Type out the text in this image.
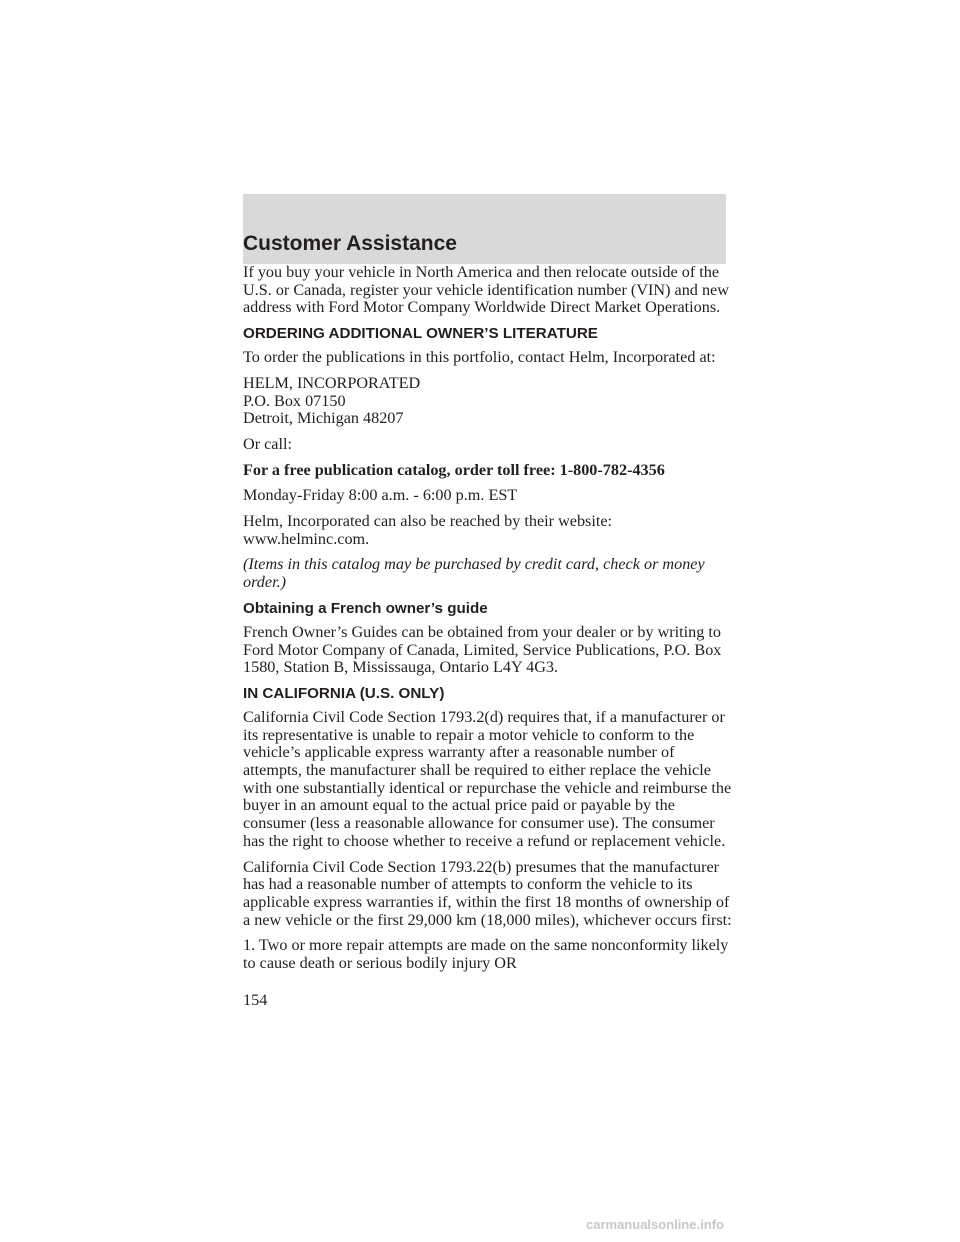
Customer Assistance

If you buy your vehicle in North America and then relocate outside of the U.S. or Canada, register your vehicle identification number (VIN) and new address with Ford Motor Company Worldwide Direct Market Operations.

ORDERING ADDITIONAL OWNER’S LITERATURE

To order the publications in this portfolio, contact Helm, Incorporated at:

HELM, INCORPORATED
P.O. Box 07150
Detroit, Michigan 48207

Or call:

For a free publication catalog, order toll free: 1-800-782-4356

Monday-Friday 8:00 a.m. - 6:00 p.m. EST

Helm, Incorporated can also be reached by their website:
www.helminc.com.

(Items in this catalog may be purchased by credit card, check or money order.)

Obtaining a French owner’s guide

French Owner’s Guides can be obtained from your dealer or by writing to Ford Motor Company of Canada, Limited, Service Publications, P.O. Box 1580, Station B, Mississauga, Ontario L4Y 4G3.

IN CALIFORNIA (U.S. ONLY)

California Civil Code Section 1793.2(d) requires that, if a manufacturer or its representative is unable to repair a motor vehicle to conform to the vehicle’s applicable express warranty after a reasonable number of attempts, the manufacturer shall be required to either replace the vehicle with one substantially identical or repurchase the vehicle and reimburse the buyer in an amount equal to the actual price paid or payable by the consumer (less a reasonable allowance for consumer use). The consumer has the right to choose whether to receive a refund or replacement vehicle.

California Civil Code Section 1793.22(b) presumes that the manufacturer has had a reasonable number of attempts to conform the vehicle to its applicable express warranties if, within the first 18 months of ownership of a new vehicle or the first 29,000 km (18,000 miles), whichever occurs first:

1. Two or more repair attempts are made on the same nonconformity likely to cause death or serious bodily injury OR

154
carmanualsonline.info
